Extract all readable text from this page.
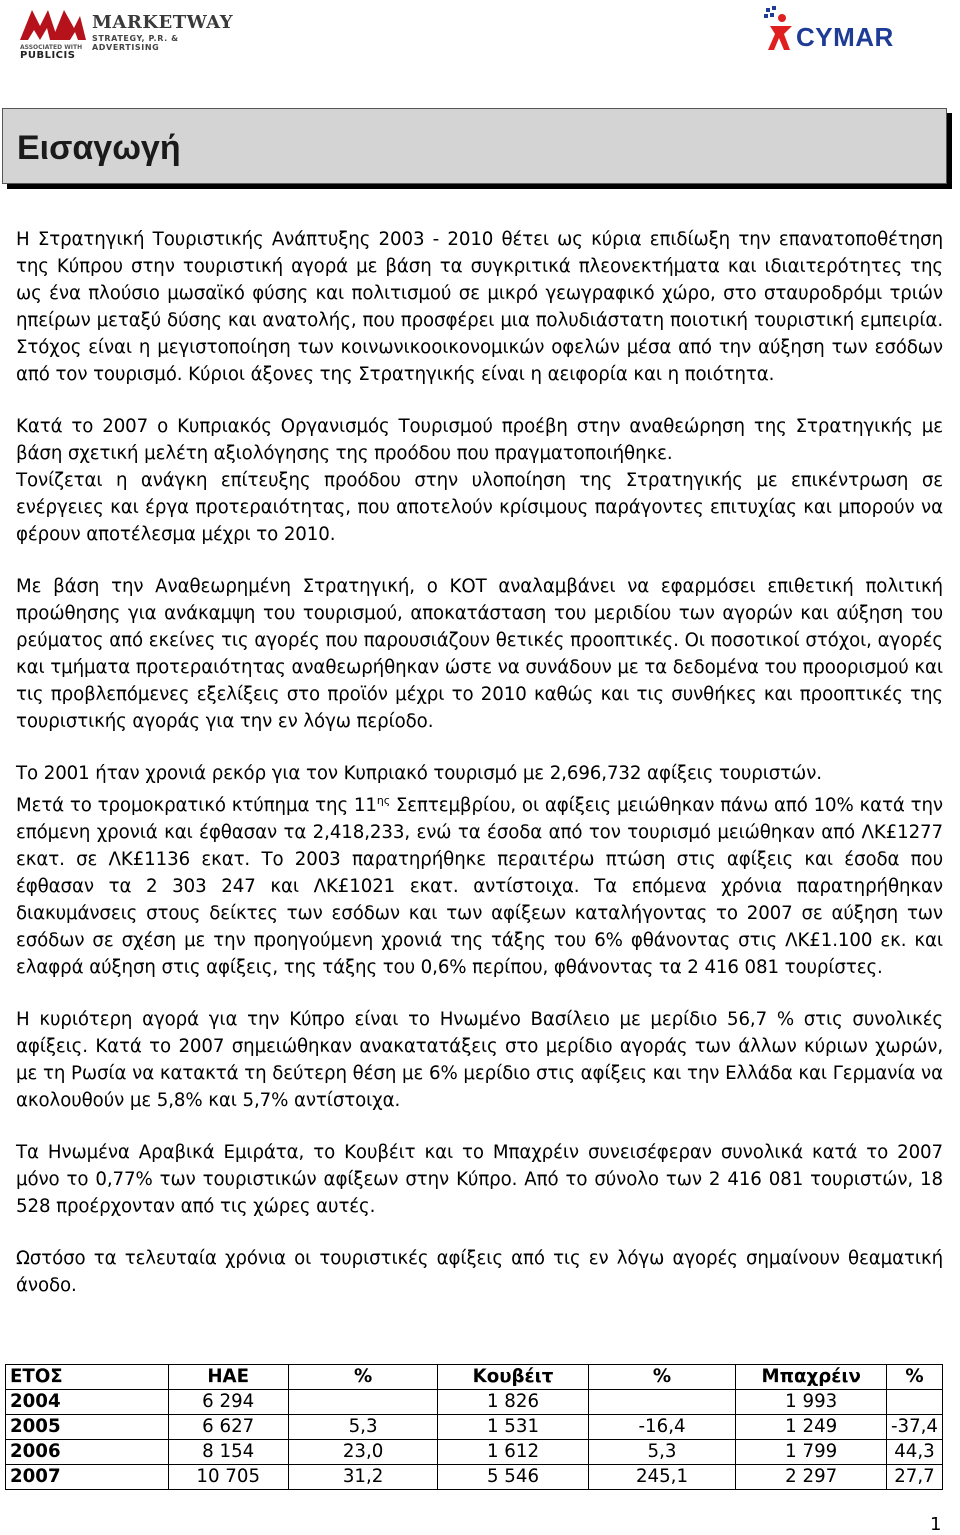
ASSOCIATED WITH
PUBLICIS
MARKETWAY
STRATEGY, P.R. & ADVERTISING	CYMAR
Εισαγωγή

Η Στρατηγική Τουριστικής Ανάπτυξης 2003 - 2010 θέτει ως κύρια επιδίωξη την επανατοποθέτηση της Κύπρου στην τουριστική αγορά με βάση τα συγκριτικά πλεονεκτήματα και ιδιαιτερότητες της ως ένα πλούσιο μωσαϊκό φύσης και πολιτισμού σε μικρό γεωγραφικό χώρο, στο σταυροδρόμι τριών ηπείρων μεταξύ δύσης και ανατολής, που προσφέρει μια πολυδιάστατη ποιοτική τουριστική εμπειρία. Στόχος είναι η μεγιστοποίηση των κοινωνικοοικονομικών οφελών μέσα από την αύξηση των εσόδων από τον τουρισμό. Κύριοι άξονες της Στρατηγικής είναι η αειφορία και η ποιότητα.

Κατά το 2007 ο Κυπριακός Οργανισμός Τουρισμού προέβη στην αναθεώρηση της Στρατηγικής με βάση σχετική μελέτη αξιολόγησης της προόδου που πραγματοποιήθηκε.

Τονίζεται η ανάγκη επίτευξης προόδου στην υλοποίηση της Στρατηγικής με επικέντρωση σε ενέργειες και έργα προτεραιότητας, που αποτελούν κρίσιμους παράγοντες επιτυχίας και μπορούν να φέρουν αποτέλεσμα μέχρι το 2010.

Με βάση την Αναθεωρημένη Στρατηγική, ο ΚΟΤ αναλαμβάνει να εφαρμόσει επιθετική πολιτική προώθησης για ανάκαμψη του τουρισμού, αποκατάσταση του μεριδίου των αγορών και αύξηση του ρεύματος από εκείνες τις αγορές που παρουσιάζουν θετικές προοπτικές. Οι ποσοτικοί στόχοι, αγορές και τμήματα προτεραιότητας αναθεωρήθηκαν ώστε να συνάδουν με τα δεδομένα του προορισμού και τις προβλεπόμενες εξελίξεις στο προϊόν μέχρι το 2010 καθώς και τις συνθήκες και προοπτικές της τουριστικής αγοράς για την εν λόγω περίοδο.

Το 2001 ήταν χρονιά ρεκόρ για τον Κυπριακό τουρισμό με 2,696,732 αφίξεις τουριστών.

Μετά το τρομοκρατικό κτύπημα της $11^{\eta\varsigma}$ Σεπτεμβρίου, οι αφίξεις μειώθηκαν πάνω από 10% κατά την επόμενη χρονιά και έφθασαν τα 2,418,233, ενώ τα έσοδα από τον τουρισμό μειώθηκαν από ΛΚ£1277 εκατ. σε ΛΚ£1136 εκατ. Το 2003 παρατηρήθηκε περαιτέρω πτώση στις αφίξεις και έσοδα που έφθασαν τα 2 303 247 και ΛΚ£1021 εκατ. αντίστοιχα. Τα επόμενα χρόνια παρατηρήθηκαν διακυμάνσεις στους δείκτες των εσόδων και των αφίξεων καταλήγοντας το 2007 σε αύξηση των εσόδων σε σχέση με την προηγούμενη χρονιά της τάξης του 6% φθάνοντας στις ΛΚ£1.100 εκ. και ελαφρά αύξηση στις αφίξεις, της τάξης του 0,6% περίπου, φθάνοντας τα 2 416 081 τουρίστες.

Η κυριότερη αγορά για την Κύπρο είναι το Ηνωμένο Βασίλειο με μερίδιο 56,7 % στις συνολικές αφίξεις. Κατά το 2007 σημειώθηκαν ανακατατάξεις στο μερίδιο αγοράς των άλλων κύριων χωρών, με τη Ρωσία να κατακτά τη δεύτερη θέση με 6% μερίδιο στις αφίξεις και την Ελλάδα και Γερμανία να ακολουθούν με 5,8% και 5,7% αντίστοιχα.

Τα Ηνωμένα Αραβικά Εμιράτα, το Κουβέιτ και το Μπαχρέιν συνεισέφεραν συνολικά κατά το 2007 μόνο το 0,77% των τουριστικών αφίξεων στην Κύπρο. Από το σύνολο των 2 416 081 τουριστών, 18 528 προέρχονταν από τις χώρες αυτές.

Ωστόσο τα τελευταία χρόνια οι τουριστικές αφίξεις από τις εν λόγω αγορές σημαίνουν θεαματική άνοδο.

ΕΤΟΣ	ΗΑΕ	%	Κουβέιτ	%	Μπαχρέιν	%
2004	6 294		1 826		1 993	
2005	6 627	5,3	1 531	-16,4	1 249	-37,4
2006	8 154	23,0	1 612	5,3	1 799	44,3
2007	10 705	31,2	5 546	245,1	2 297	27,7
1
